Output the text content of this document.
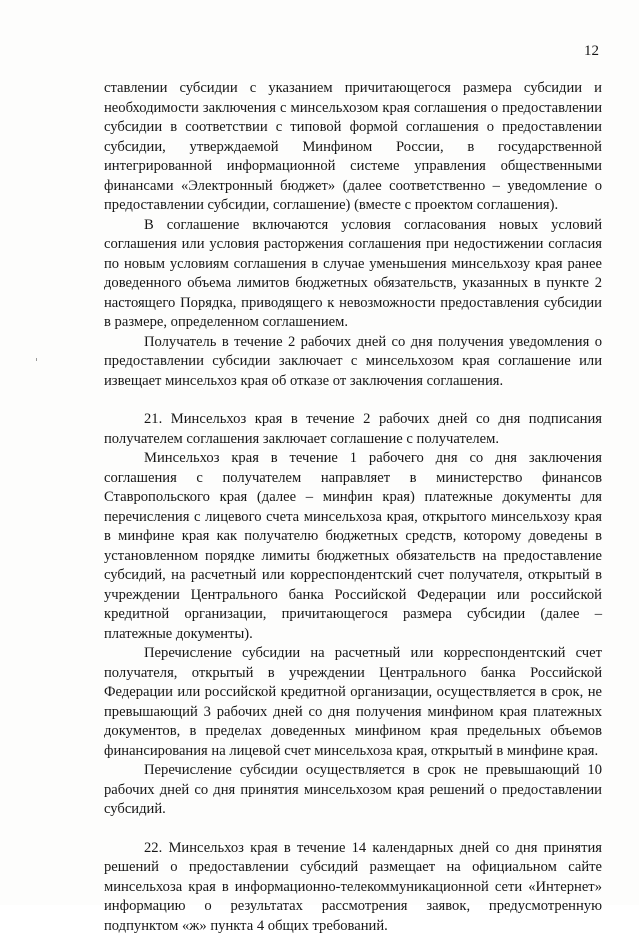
12

ставлении субсидии с указанием причитающегося размера субсидии и необходимости заключения с минсельхозом края соглашения о предоставлении субсидии в соответствии с типовой формой соглашения о предоставлении субсидии, утверждаемой Минфином России, в государственной интегрированной информационной системе управления общественными финансами «Электронный бюджет» (далее соответственно – уведомление о предоставлении субсидии, соглашение) (вместе с проектом соглашения).

В соглашение включаются условия согласования новых условий соглашения или условия расторжения соглашения при недостижении согласия по новым условиям соглашения в случае уменьшения минсельхозу края ранее доведенного объема лимитов бюджетных обязательств, указанных в пункте 2 настоящего Порядка, приводящего к невозможности предоставления субсидии в размере, определенном соглашением.

Получатель в течение 2 рабочих дней со дня получения уведомления о предоставлении субсидии заключает с минсельхозом края соглашение или извещает минсельхоз края об отказе от заключения соглашения.

21. Минсельхоз края в течение 2 рабочих дней со дня подписания получателем соглашения заключает соглашение с получателем.

Минсельхоз края в течение 1 рабочего дня со дня заключения соглашения с получателем направляет в министерство финансов Ставропольского края (далее – минфин края) платежные документы для перечисления с лицевого счета минсельхоза края, открытого минсельхозу края в минфине края как получателю бюджетных средств, которому доведены в установленном порядке лимиты бюджетных обязательств на предоставление субсидий, на расчетный или корреспондентский счет получателя, открытый в учреждении Центрального банка Российской Федерации или российской кредитной организации, причитающегося размера субсидии (далее – платежные документы).

Перечисление субсидии на расчетный или корреспондентский счет получателя, открытый в учреждении Центрального банка Российской Федерации или российской кредитной организации, осуществляется в срок, не превышающий 3 рабочих дней со дня получения минфином края платежных документов, в пределах доведенных минфином края предельных объемов финансирования на лицевой счет минсельхоза края, открытый в минфине края.

Перечисление субсидии осуществляется в срок не превышающий 10 рабочих дней со дня принятия минсельхозом края решений о предоставлении субсидий.

22. Минсельхоз края в течение 14 календарных дней со дня принятия решений о предоставлении субсидий размещает на официальном сайте минсельхоза края в информационно-телекоммуникационной сети «Интернет» информацию о результатах рассмотрения заявок, предусмотренную подпунктом «ж» пункта 4 общих требований.
